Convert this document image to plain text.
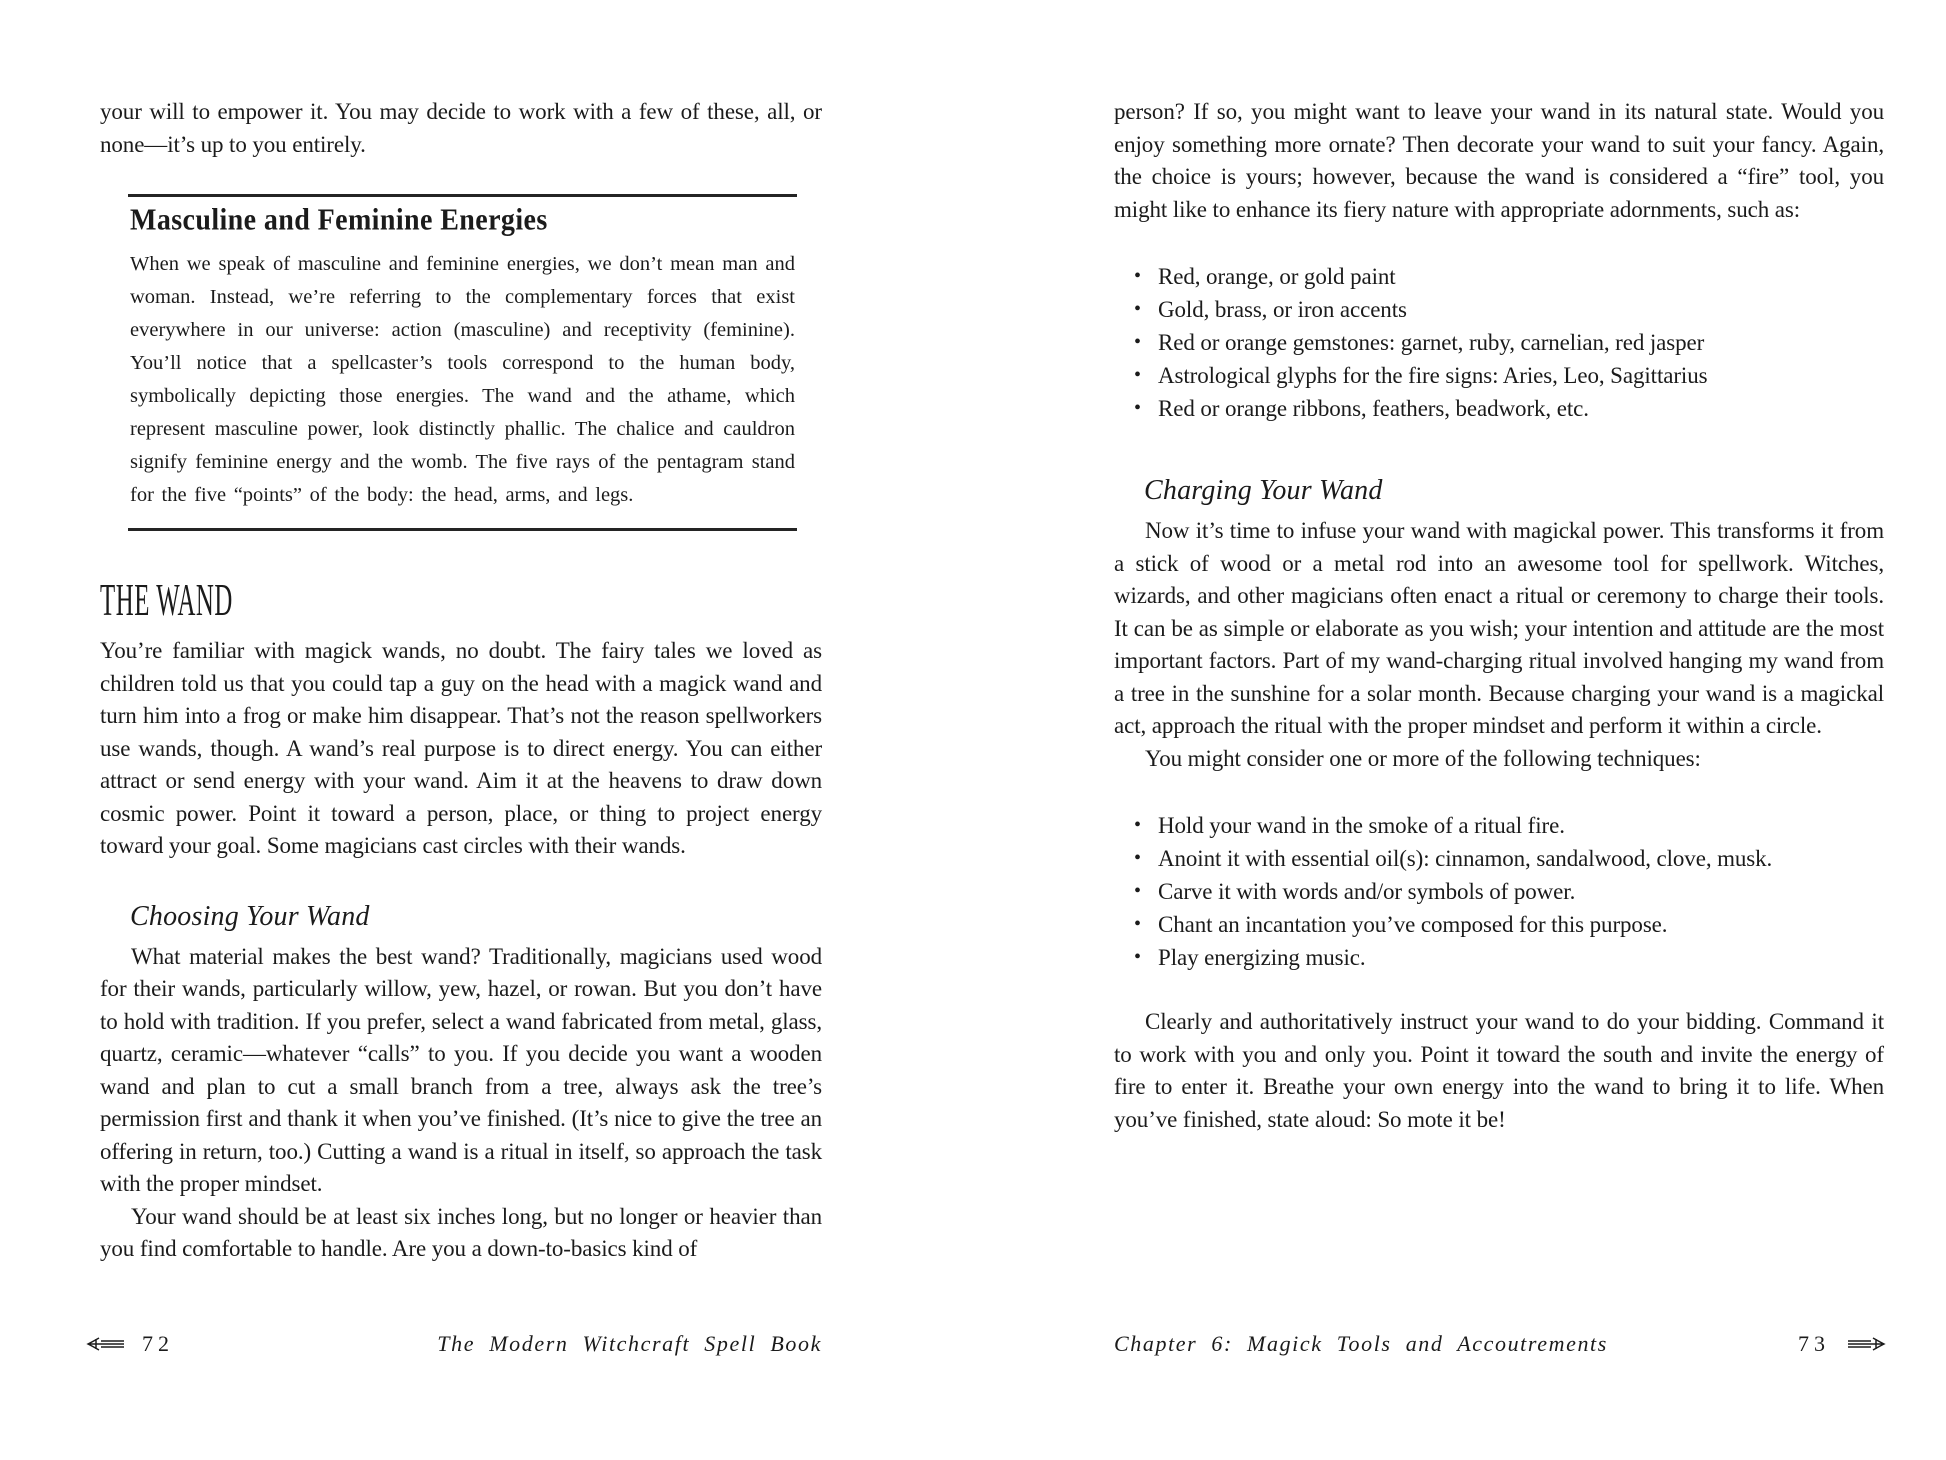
your will to empower it. You may decide to work with a few of these, all, or none—it’s up to you entirely.

Masculine and Feminine Energies

When we speak of masculine and feminine energies, we don’t mean man and woman. Instead, we’re referring to the complementary forces that exist everywhere in our universe: action (masculine) and receptivity (feminine). You’ll notice that a spellcaster’s tools correspond to the human body, symbolically depicting those energies. The wand and the athame, which represent masculine power, look distinctly phallic. The chalice and cauldron signify feminine energy and the womb. The five rays of the pentagram stand for the five “points” of the body: the head, arms, and legs.

THE WAND

You’re familiar with magick wands, no doubt. The fairy tales we loved as children told us that you could tap a guy on the head with a magick wand and turn him into a frog or make him disappear. That’s not the reason spellworkers use wands, though. A wand’s real purpose is to direct energy. You can either attract or send energy with your wand. Aim it at the heavens to draw down cosmic power. Point it toward a person, place, or thing to project energy toward your goal. Some magicians cast circles with their wands.

Choosing Your Wand

What material makes the best wand? Traditionally, magicians used wood for their wands, particularly willow, yew, hazel, or rowan. But you don’t have to hold with tradition. If you prefer, select a wand fabricated from metal, glass, quartz, ceramic—whatever “calls” to you. If you decide you want a wooden wand and plan to cut a small branch from a tree, always ask the tree’s permission first and thank it when you’ve finished. (It’s nice to give the tree an offering in return, too.) Cutting a wand is a ritual in itself, so approach the task with the proper mindset.

Your wand should be at least six inches long, but no longer or heavier than you find comfortable to handle. Are you a down-to-basics kind of

person? If so, you might want to leave your wand in its natural state. Would you enjoy something more ornate? Then decorate your wand to suit your fancy. Again, the choice is yours; however, because the wand is considered a “fire” tool, you might like to enhance its fiery nature with appropriate adornments, such as:

• Red, orange, or gold paint
• Gold, brass, or iron accents
• Red or orange gemstones: garnet, ruby, carnelian, red jasper
• Astrological glyphs for the fire signs: Aries, Leo, Sagittarius
• Red or orange ribbons, feathers, beadwork, etc.
Charging Your Wand

Now it’s time to infuse your wand with magickal power. This transforms it from a stick of wood or a metal rod into an awesome tool for spellwork. Witches, wizards, and other magicians often enact a ritual or ceremony to charge their tools. It can be as simple or elaborate as you wish; your intention and attitude are the most important factors. Part of my wand-charging ritual involved hanging my wand from a tree in the sunshine for a solar month. Because charging your wand is a magickal act, approach the ritual with the proper mindset and perform it within a circle.

You might consider one or more of the following techniques:

• Hold your wand in the smoke of a ritual fire.
• Anoint it with essential oil(s): cinnamon, sandalwood, clove, musk.
• Carve it with words and/or symbols of power.
• Chant an incantation you’ve composed for this purpose.
• Play energizing music.

Clearly and authoritatively instruct your wand to do your bidding. Command it to work with you and only you. Point it toward the south and invite the energy of fire to enter it. Breathe your own energy into the wand to bring it to life. When you’ve finished, state aloud: So mote it be!

72	The Modern Witchcraft Spell Book	Chapter 6: Magick Tools and Accoutrements	73
